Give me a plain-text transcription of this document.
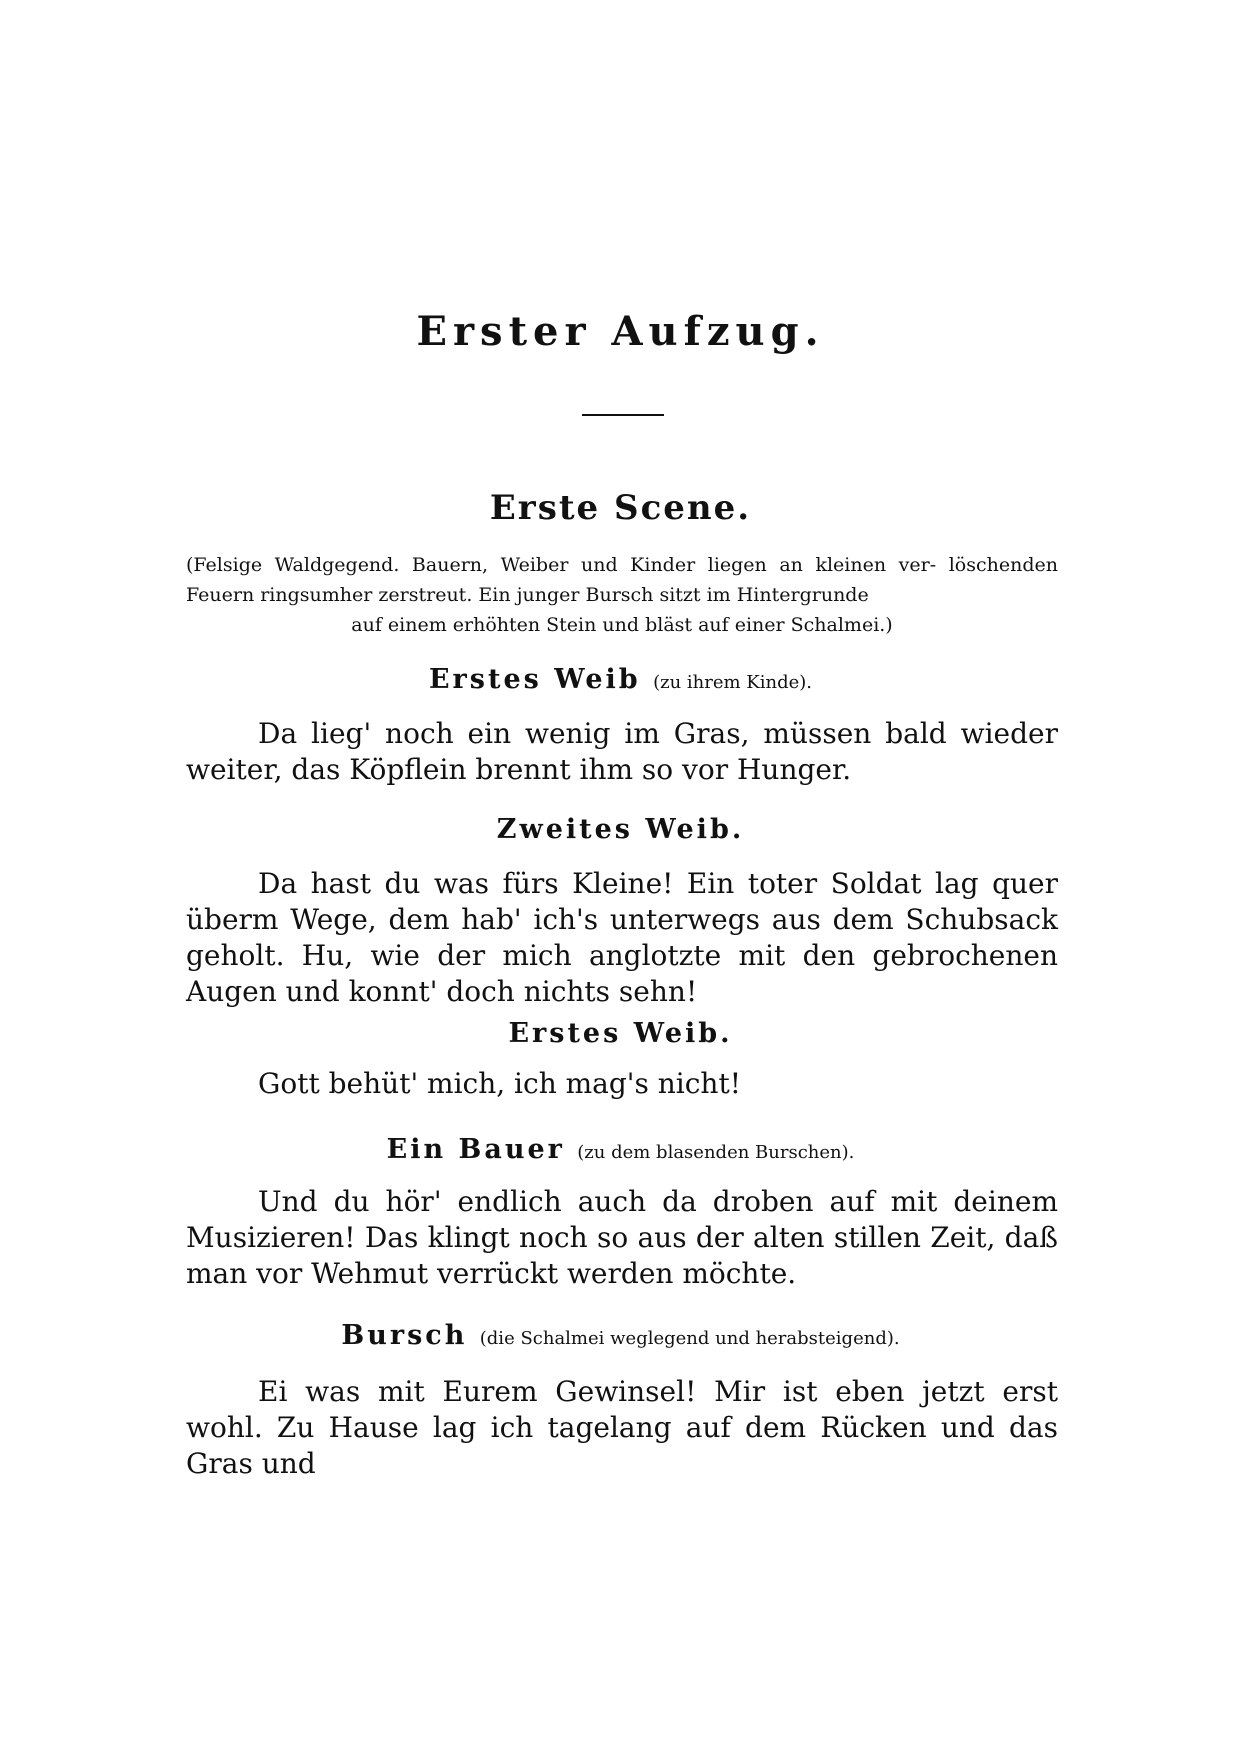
Erster Aufzug.
Erste Scene.
(Felsige Waldgegend. Bauern, Weiber und Kinder liegen an kleinen ver- löschenden Feuern ringsumher zerstreut. Ein junger Bursch sitzt im Hintergrunde
auf einem erhöhten Stein und bläst auf einer Schalmei.)
Erstes Weib (zu ihrem Kinde).
Da lieg' noch ein wenig im Gras, müssen bald wieder weiter, das Köpflein brennt ihm so vor Hunger.
Zweites Weib.
Da hast du was fürs Kleine! Ein toter Soldat lag quer überm Wege, dem hab' ich's unterwegs aus dem Schubsack geholt. Hu, wie der mich anglotzte mit den gebrochenen Augen und konnt' doch nichts sehn!
Erstes Weib.
Gott behüt' mich, ich mag's nicht!
Ein Bauer (zu dem blasenden Burschen).
Und du hör' endlich auch da droben auf mit deinem Musizieren! Das klingt noch so aus der alten stillen Zeit, daß man vor Wehmut verrückt werden möchte.
Bursch (die Schalmei weglegend und herabsteigend).
Ei was mit Eurem Gewinsel! Mir ist eben jetzt erst wohl. Zu Hause lag ich tagelang auf dem Rücken und das Gras und
